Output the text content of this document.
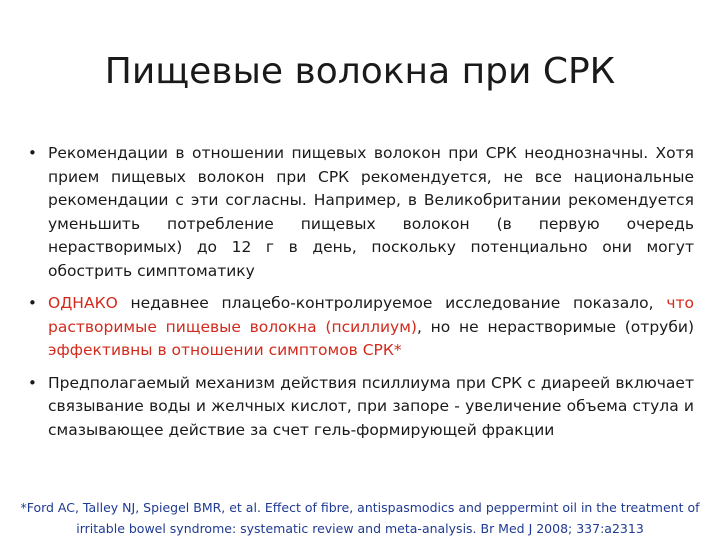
Пищевые волокна при СРК
• Рекомендации в отношении пищевых волокон при СРК неоднозначны. Хотя прием пищевых волокон при СРК рекомендуется, не все национальные рекомендации с эти согласны. Например, в Великобритании рекомендуется уменьшить потребление пищевых волокон (в первую очередь нерастворимых) до 12 г в день, поскольку потенциально они могут обострить симптоматику
• ОДНАКО недавнее плацебо-контролируемое исследование показало, что растворимые пищевые волокна (псиллиум), но не нерастворимые (отруби) эффективны в отношении симптомов СРК*
• Предполагаемый механизм действия псиллиума при СРК с диареей включает связывание воды и желчных кислот, при запоре - увеличение объема стула и смазывающее действие за счет гель-формирующей фракции
*Ford AC, Talley NJ, Spiegel BMR, et al. Effect of fibre, antispasmodics and peppermint oil in the treatment of irritable bowel syndrome: systematic review and meta-analysis. Br Med J 2008; 337:a2313
